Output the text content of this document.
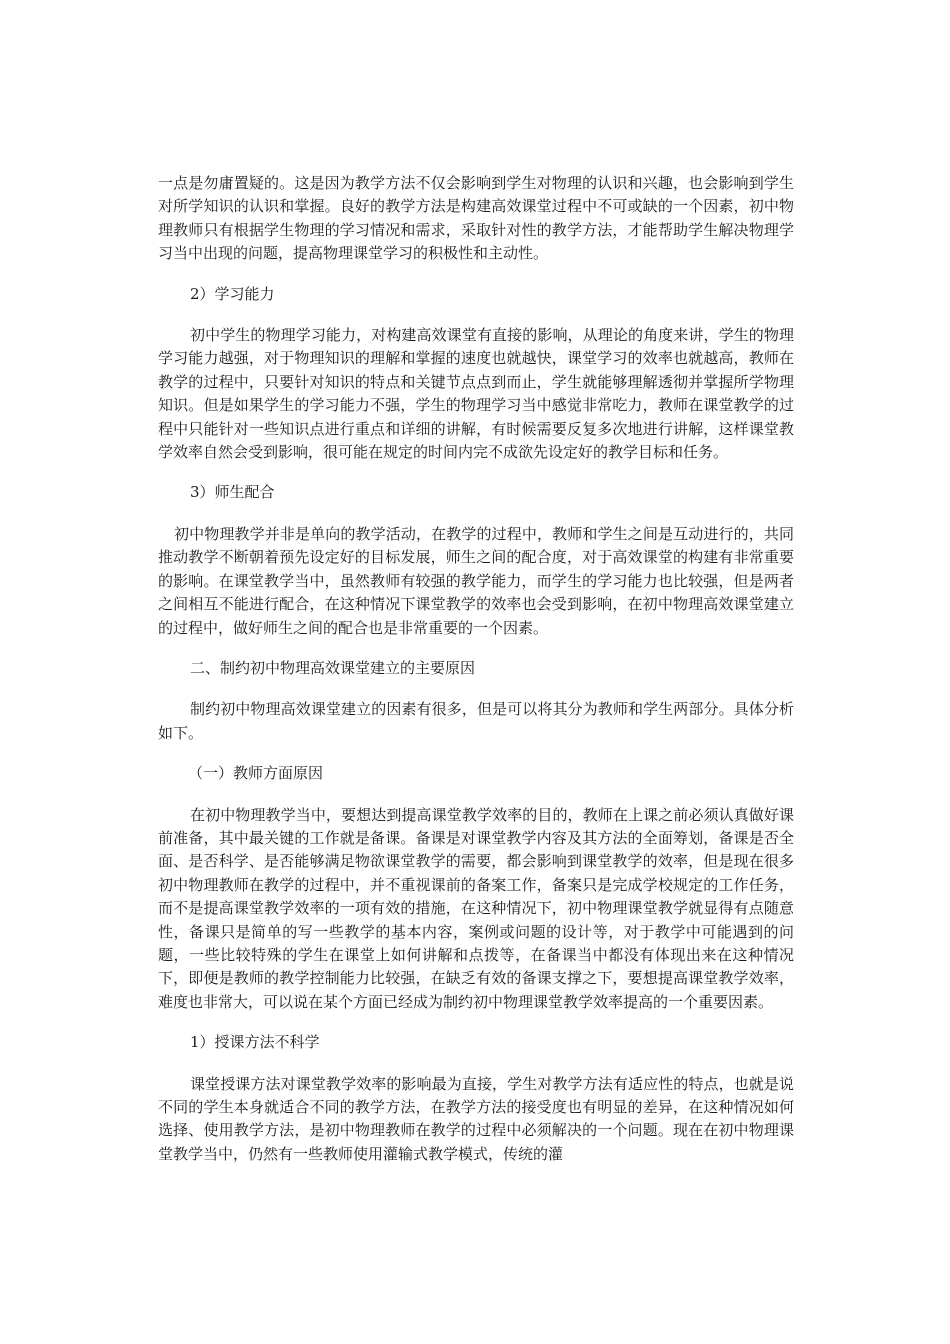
一点是勿庸置疑的。这是因为教学方法不仅会影响到学生对物理的认识和兴趣，也会影响到学生对所学知识的认识和掌握。良好的教学方法是构建高效课堂过程中不可或缺的一个因素，初中物理教师只有根据学生物理的学习情况和需求，采取针对性的教学方法，才能帮助学生解决物理学习当中出现的问题，提高物理课堂学习的积极性和主动性。

2）学习能力

初中学生的物理学习能力，对构建高效课堂有直接的影响，从理论的角度来讲，学生的物理学习能力越强，对于物理知识的理解和掌握的速度也就越快，课堂学习的效率也就越高，教师在教学的过程中，只要针对知识的特点和关键节点点到而止，学生就能够理解透彻并掌握所学物理知识。但是如果学生的学习能力不强，学生的物理学习当中感觉非常吃力，教师在课堂教学的过程中只能针对一些知识点进行重点和详细的讲解，有时候需要反复多次地进行讲解，这样课堂教学效率自然会受到影响，很可能在规定的时间内完不成欲先设定好的教学目标和任务。

3）师生配合

初中物理教学并非是单向的教学活动，在教学的过程中，教师和学生之间是互动进行的，共同推动教学不断朝着预先设定好的目标发展，师生之间的配合度，对于高效课堂的构建有非常重要的影响。在课堂教学当中，虽然教师有较强的教学能力，而学生的学习能力也比较强，但是两者之间相互不能进行配合，在这种情况下课堂教学的效率也会受到影响，在初中物理高效课堂建立的过程中，做好师生之间的配合也是非常重要的一个因素。

二、制约初中物理高效课堂建立的主要原因

制约初中物理高效课堂建立的因素有很多，但是可以将其分为教师和学生两部分。具体分析如下。

（一）教师方面原因

在初中物理教学当中，要想达到提高课堂教学效率的目的，教师在上课之前必须认真做好课前准备，其中最关键的工作就是备课。备课是对课堂教学内容及其方法的全面筹划，备课是否全面、是否科学、是否能够满足物欲课堂教学的需要，都会影响到课堂教学的效率，但是现在很多初中物理教师在教学的过程中，并不重视课前的备案工作，备案只是完成学校规定的工作任务，而不是提高课堂教学效率的一项有效的措施，在这种情况下，初中物理课堂教学就显得有点随意性，备课只是简单的写一些教学的基本内容，案例或问题的设计等，对于教学中可能遇到的问题，一些比较特殊的学生在课堂上如何讲解和点拨等，在备课当中都没有体现出来在这种情况下，即便是教师的教学控制能力比较强，在缺乏有效的备课支撑之下，要想提高课堂教学效率，难度也非常大，可以说在某个方面已经成为制约初中物理课堂教学效率提高的一个重要因素。

1）授课方法不科学

课堂授课方法对课堂教学效率的影响最为直接，学生对教学方法有适应性的特点，也就是说不同的学生本身就适合不同的教学方法，在教学方法的接受度也有明显的差异，在这种情况如何选择、使用教学方法，是初中物理教师在教学的过程中必须解决的一个问题。现在在初中物理课堂教学当中，仍然有一些教师使用灌输式教学模式，传统的灌
